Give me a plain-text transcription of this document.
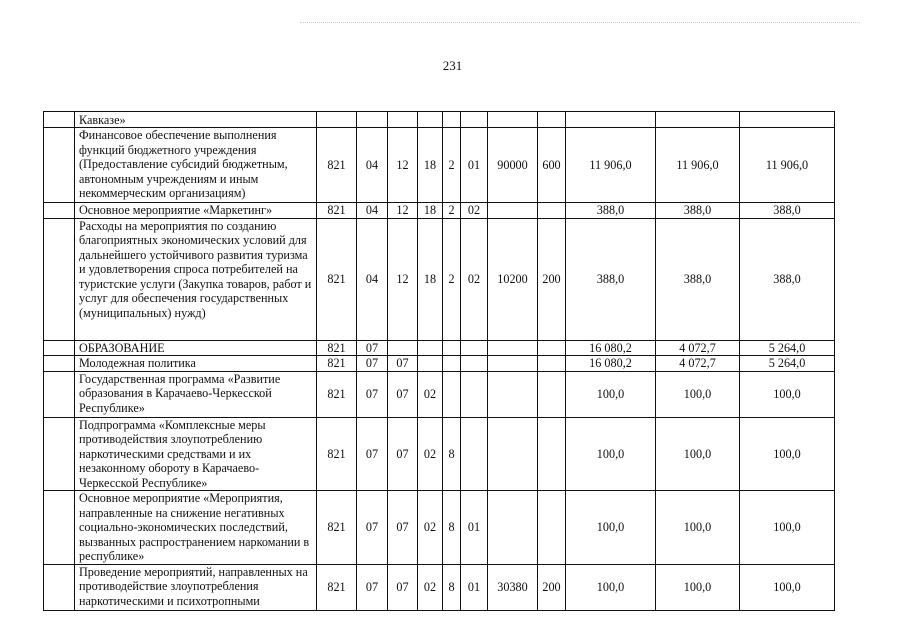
231
	Кавказе»											
	Финансовое обеспечение выполнения функций бюджетного учреждения (Предоставление субсидий бюджетным, автономным учреждениям и иным некоммерческим организациям)	821	04	12	18	2	01	90000	600	11 906,0	11 906,0	11 906,0
	Основное мероприятие «Маркетинг»	821	04	12	18	2	02			388,0	388,0	388,0
	Расходы на мероприятия по созданию благоприятных экономических условий для дальнейшего устойчивого развития туризма и удовлетворения спроса потребителей на туристские услуги (Закупка товаров, работ и услуг для обеспечения государственных (муниципальных) нужд)	821	04	12	18	2	02	10200	200	388,0	388,0	388,0
	ОБРАЗОВАНИЕ	821	07							16 080,2	4 072,7	5 264,0
	Молодежная политика	821	07	07						16 080,2	4 072,7	5 264,0
	Государственная программа «Развитие образования в Карачаево-Черкесской Республике»	821	07	07	02					100,0	100,0	100,0
	Подпрограмма «Комплексные меры противодействия злоупотреблению наркотическими средствами и их незаконному обороту в Карачаево-Черкесской Республике»	821	07	07	02	8				100,0	100,0	100,0
	Основное мероприятие «Мероприятия, направленные на снижение негативных социально-экономических последствий, вызванных распространением наркомании в республике»	821	07	07	02	8	01			100,0	100,0	100,0
	Проведение мероприятий, направленных на противодействие злоупотребления наркотическими и психотропными	821	07	07	02	8	01	30380	200	100,0	100,0	100,0
